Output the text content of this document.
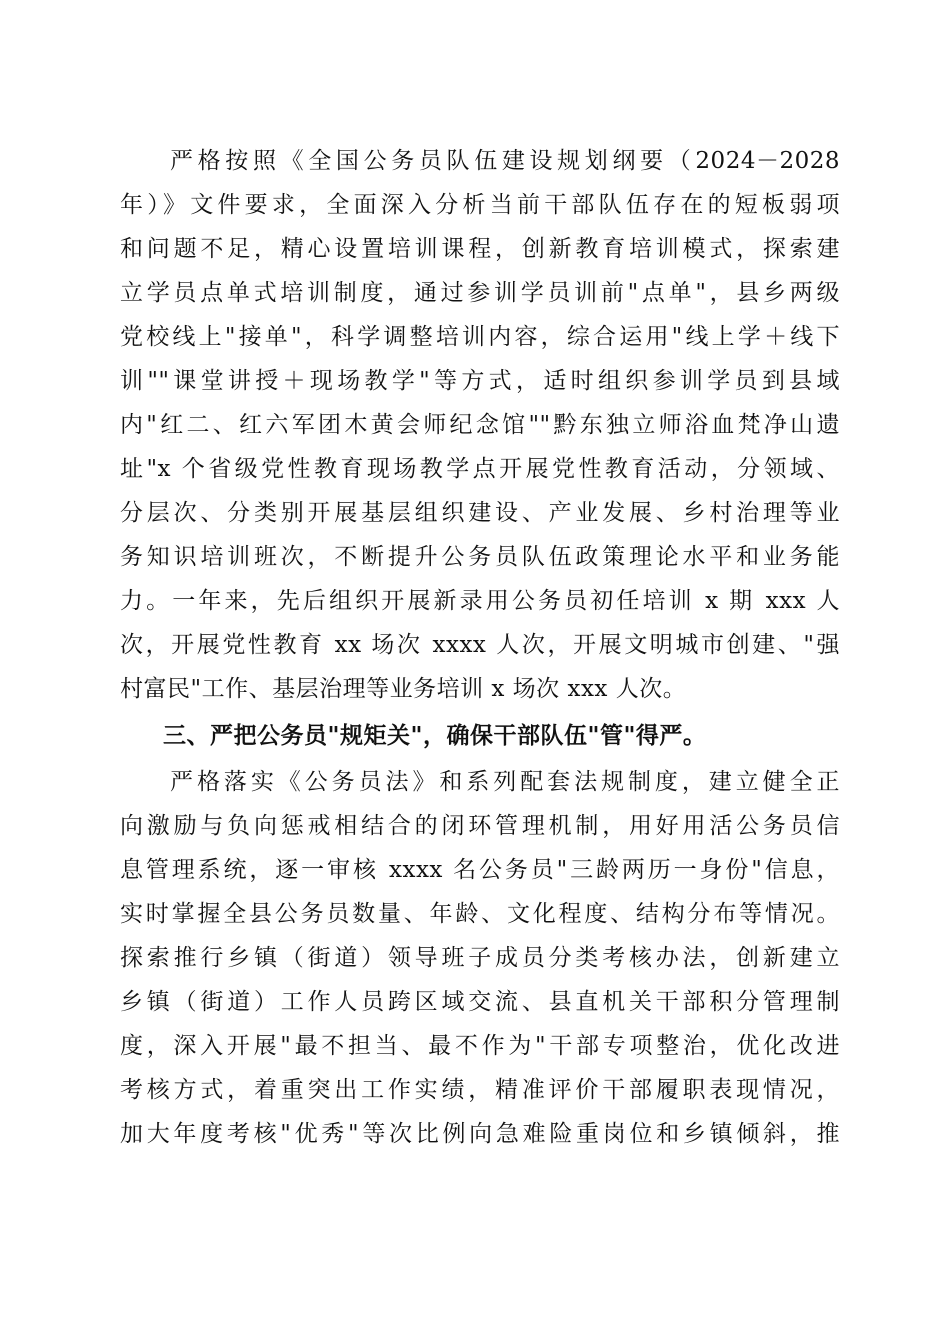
严格按照《全国公务员队伍建设规划纲要（2024－2028
年）》文件要求，全面深入分析当前干部队伍存在的短板弱项
和问题不足，精心设置培训课程，创新教育培训模式，探索建
立学员点单式培训制度，通过参训学员训前"点单"，县乡两级
党校线上"接单"，科学调整培训内容，综合运用"线上学＋线下
训""课堂讲授＋现场教学"等方式，适时组织参训学员到县域
内"红二、红六军团木黄会师纪念馆""黔东独立师浴血梵净山遗
址"x 个省级党性教育现场教学点开展党性教育活动，分领域、
分层次、分类别开展基层组织建设、产业发展、乡村治理等业
务知识培训班次，不断提升公务员队伍政策理论水平和业务能
力。一年来，先后组织开展新录用公务员初任培训 x 期 xxx 人
次，开展党性教育 xx 场次 xxxx 人次，开展文明城市创建、"强
村富民"工作、基层治理等业务培训 x 场次 xxx 人次。
三、严把公务员"规矩关"，确保干部队伍"管"得严。
严格落实《公务员法》和系列配套法规制度，建立健全正
向激励与负向惩戒相结合的闭环管理机制，用好用活公务员信
息管理系统，逐一审核 xxxx 名公务员"三龄两历一身份"信息，
实时掌握全县公务员数量、年龄、文化程度、结构分布等情况。
探索推行乡镇（街道）领导班子成员分类考核办法，创新建立
乡镇（街道）工作人员跨区域交流、县直机关干部积分管理制
度，深入开展"最不担当、最不作为"干部专项整治，优化改进
考核方式，着重突出工作实绩，精准评价干部履职表现情况，
加大年度考核"优秀"等次比例向急难险重岗位和乡镇倾斜，推
